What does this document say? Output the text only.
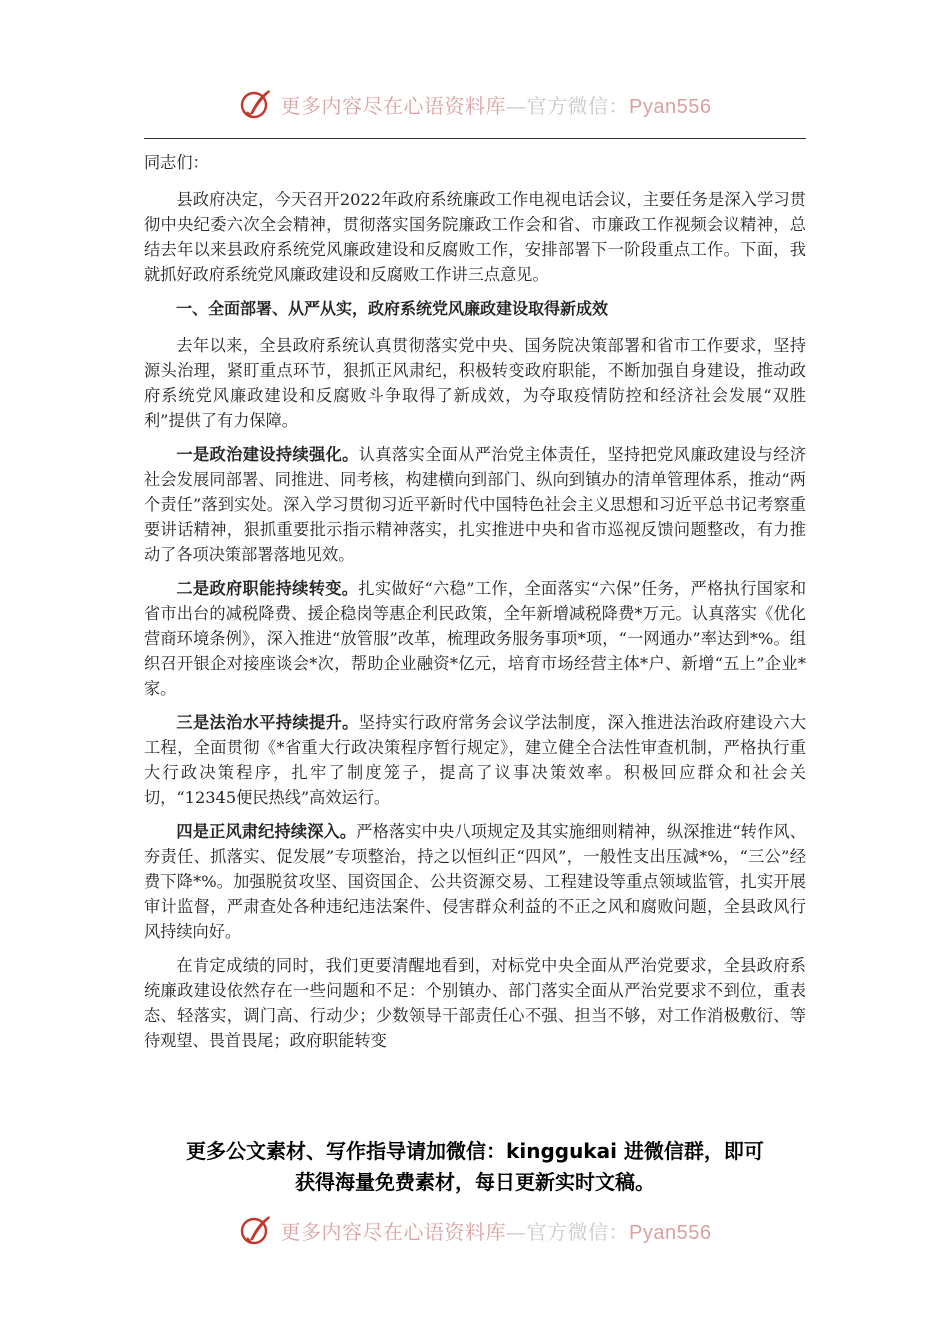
更多内容尽在心语资料库—官方微信：Pyan556

同志们：

县政府决定，今天召开2022年政府系统廉政工作电视电话会议，主要任务是深入学习贯彻中央纪委六次全会精神，贯彻落实国务院廉政工作会和省、市廉政工作视频会议精神，总结去年以来县政府系统党风廉政建设和反腐败工作，安排部署下一阶段重点工作。下面，我就抓好政府系统党风廉政建设和反腐败工作讲三点意见。

一、全面部署、从严从实，政府系统党风廉政建设取得新成效

去年以来，全县政府系统认真贯彻落实党中央、国务院决策部署和省市工作要求，坚持源头治理，紧盯重点环节，狠抓正风肃纪，积极转变政府职能，不断加强自身建设，推动政府系统党风廉政建设和反腐败斗争取得了新成效，为夺取疫情防控和经济社会发展“双胜利”提供了有力保障。

一是政治建设持续强化。认真落实全面从严治党主体责任，坚持把党风廉政建设与经济社会发展同部署、同推进、同考核，构建横向到部门、纵向到镇办的清单管理体系，推动“两个责任”落到实处。深入学习贯彻习近平新时代中国特色社会主义思想和习近平总书记考察重要讲话精神，狠抓重要批示指示精神落实，扎实推进中央和省市巡视反馈问题整改，有力推动了各项决策部署落地见效。

二是政府职能持续转变。扎实做好“六稳”工作，全面落实“六保”任务，严格执行国家和省市出台的减税降费、援企稳岗等惠企利民政策，全年新增减税降费*万元。认真落实《优化营商环境条例》，深入推进“放管服”改革，梳理政务服务事项*项，“一网通办”率达到*%。组织召开银企对接座谈会*次，帮助企业融资*亿元，培育市场经营主体*户、新增“五上”企业*家。

三是法治水平持续提升。坚持实行政府常务会议学法制度，深入推进法治政府建设六大工程，全面贯彻《*省重大行政决策程序暂行规定》，建立健全合法性审查机制，严格执行重大行政决策程序，扎牢了制度笼子，提高了议事决策效率。积极回应群众和社会关切，“12345便民热线”高效运行。

四是正风肃纪持续深入。严格落实中央八项规定及其实施细则精神，纵深推进“转作风、夯责任、抓落实、促发展”专项整治，持之以恒纠正“四风”，一般性支出压减*%，“三公”经费下降*%。加强脱贫攻坚、国资国企、公共资源交易、工程建设等重点领域监管，扎实开展审计监督，严肃查处各种违纪违法案件、侵害群众利益的不正之风和腐败问题，全县政风行风持续向好。

在肯定成绩的同时，我们更要清醒地看到，对标党中央全面从严治党要求，全县政府系统廉政建设依然存在一些问题和不足：个别镇办、部门落实全面从严治党要求不到位，重表态、轻落实，调门高、行动少；少数领导干部责任心不强、担当不够，对工作消极敷衍、等待观望、畏首畏尾；政府职能转变

更多公文素材、写作指导请加微信：kinggukai 进微信群，即可
获得海量免费素材，每日更新实时文稿。
更多内容尽在心语资料库—官方微信：Pyan556
